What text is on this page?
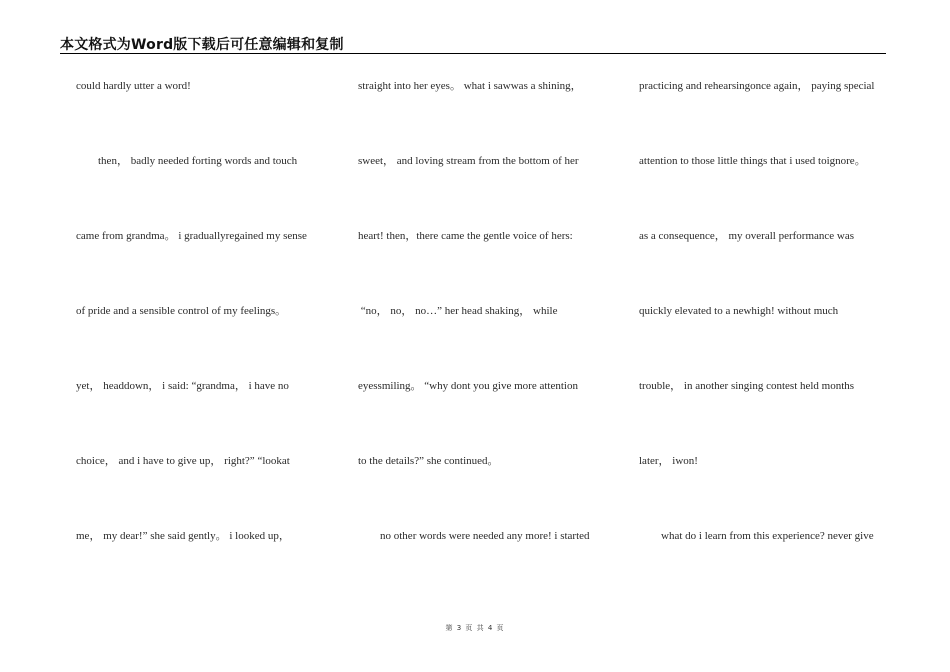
本文格式为Word版下载后可任意编辑和复制
could hardly utter a word!
then， badly needed forting words and touch
came from grandma。 i graduallyregained my sense
of pride and a sensible control of my feelings。
yet， headdown， i said: “grandma， i have no
choice， and i have to give up， right?” “lookat
me， my dear!” she said gently。 i looked up，
straight into her eyes。 what i sawwas a shining，
sweet， and loving stream from the bottom of her
heart! then，there came the gentle voice of hers:
“no， no， no…” her head shaking， while
eyessmiling。 “why dont you give more attention
to the details?” she continued。
no other words were needed any more! i started
practicing and rehearsingonce again， paying special
attention to those little things that i used toignore。
as a consequence， my overall performance was
quickly elevated to a newhigh! without much
trouble， in another singing contest held months
later， iwon!
what do i learn from this experience? never give
第 3 页 共 4 页
